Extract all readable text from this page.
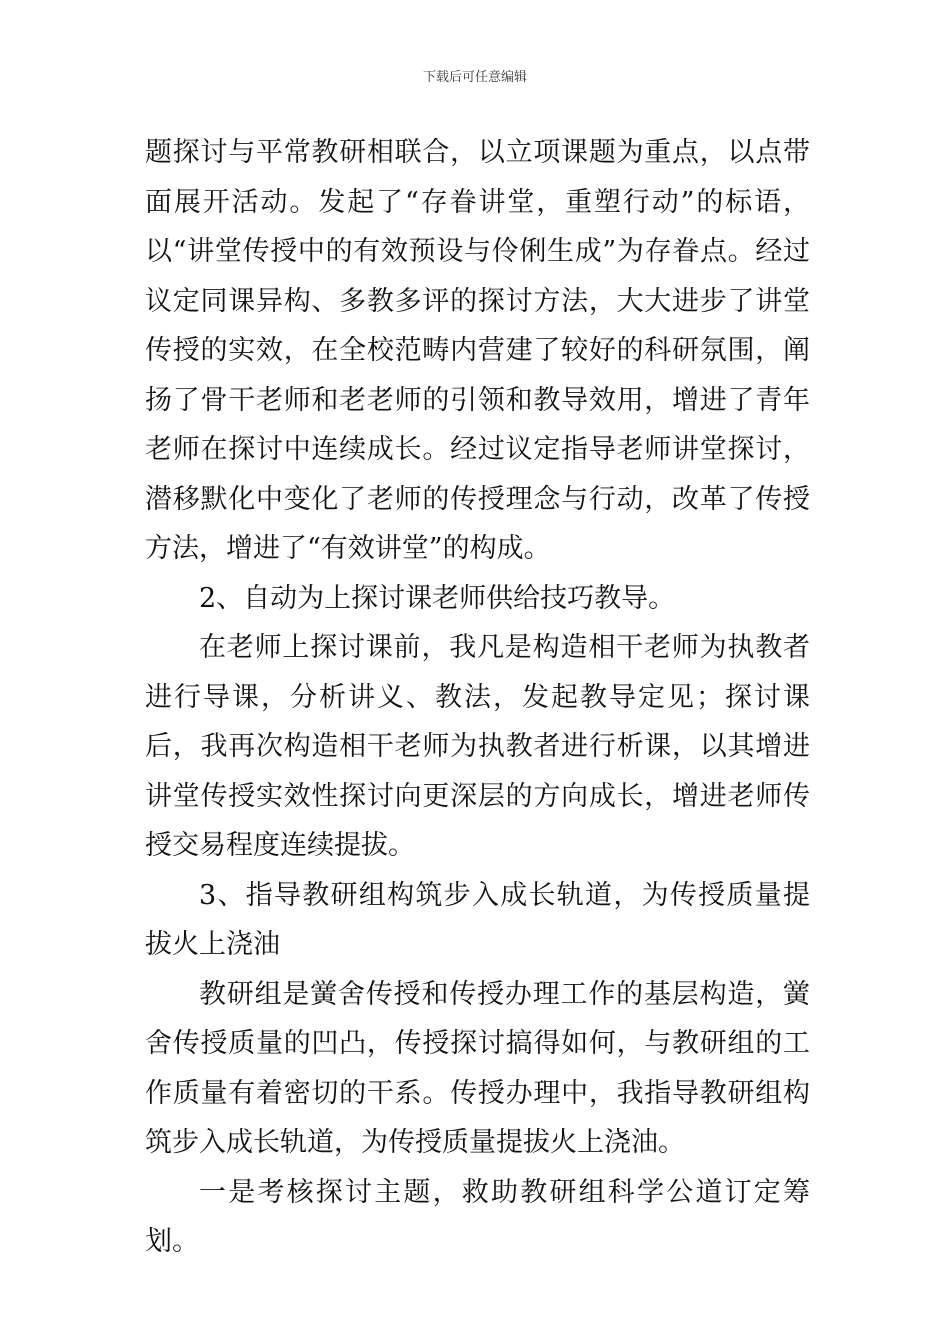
下载后可任意编辑

题探讨与平常教研相联合，以立项课题为重点，以点带面展开活动。发起了“存眷讲堂，重塑行动”的标语，以“讲堂传授中的有效预设与伶俐生成”为存眷点。经过议定同课异构、多教多评的探讨方法，大大进步了讲堂传授的实效，在全校范畴内营建了较好的科研氛围，阐扬了骨干老师和老老师的引领和教导效用，增进了青年老师在探讨中连续成长。经过议定指导老师讲堂探讨，潜移默化中变化了老师的传授理念与行动，改革了传授方法，增进了“有效讲堂”的构成。

2、自动为上探讨课老师供给技巧教导。

在老师上探讨课前，我凡是构造相干老师为执教者进行导课，分析讲义、教法，发起教导定见；探讨课后，我再次构造相干老师为执教者进行析课，以其增进讲堂传授实效性探讨向更深层的方向成长，增进老师传授交易程度连续提拔。

3、指导教研组构筑步入成长轨道，为传授质量提拔火上浇油

教研组是黉舍传授和传授办理工作的基层构造，黉舍传授质量的凹凸，传授探讨搞得如何，与教研组的工作质量有着密切的干系。传授办理中，我指导教研组构筑步入成长轨道，为传授质量提拔火上浇油。

一是考核探讨主题，救助教研组科学公道订定筹划。
